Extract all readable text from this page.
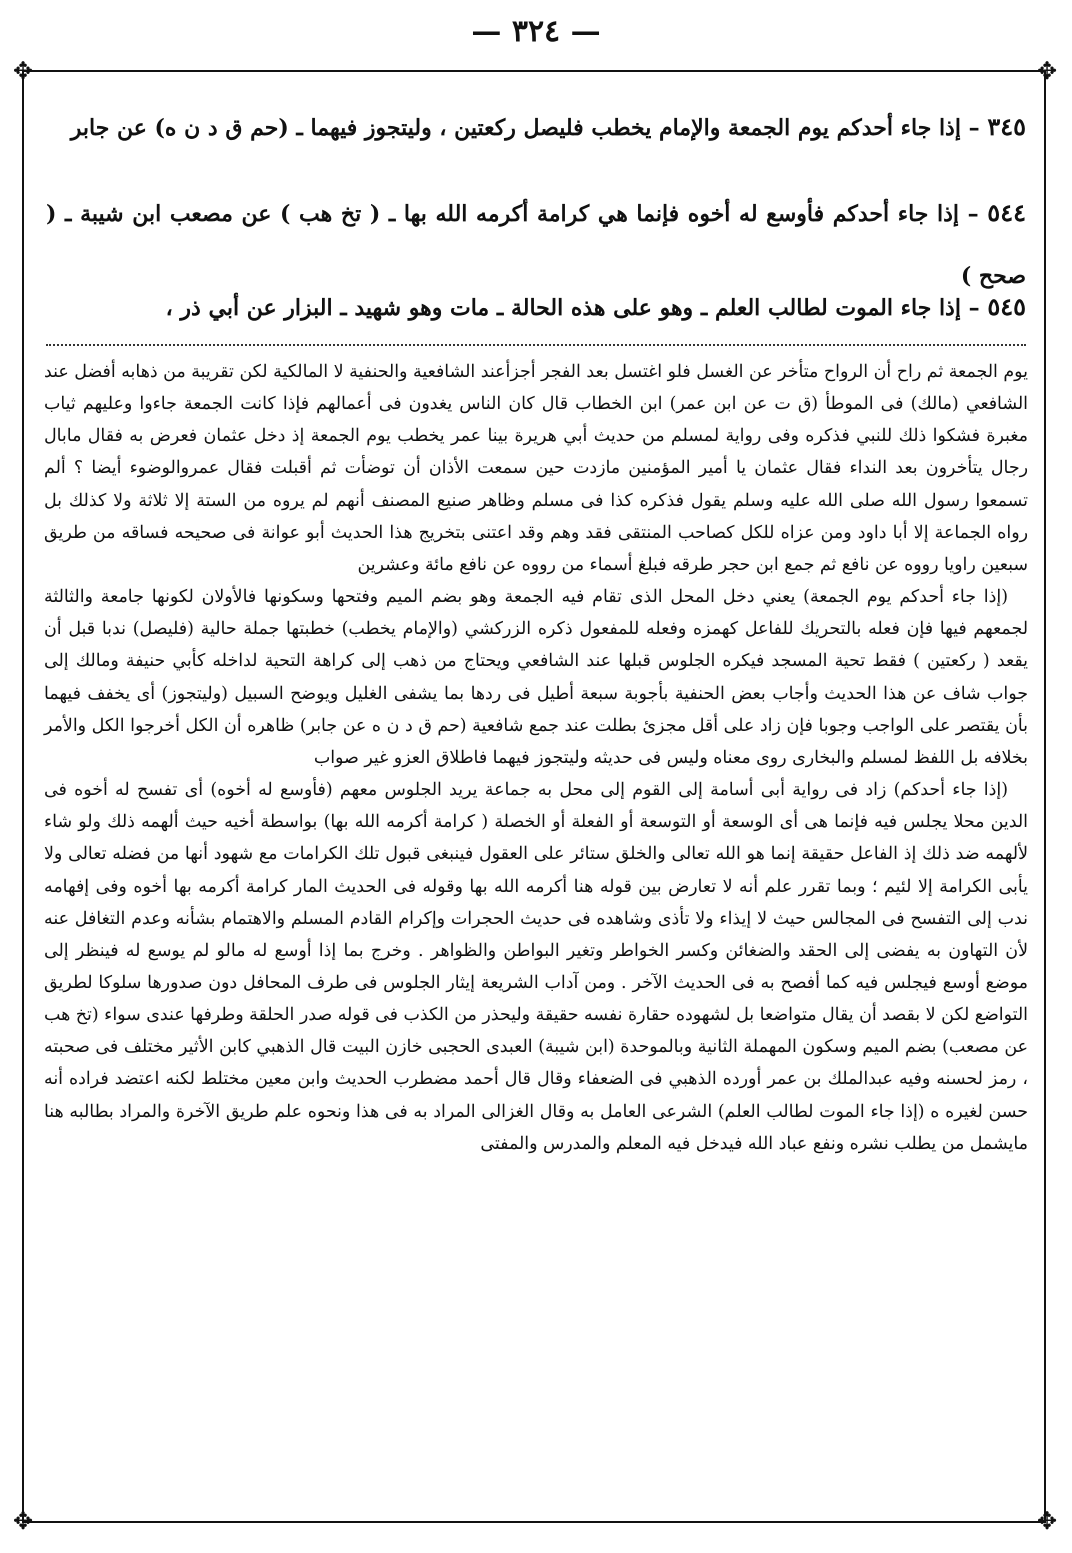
— ٣٢٤ —
✥	✥
✥	✥
٣٤٥ – إذا جاء أحدكم يوم الجمعة والإمام يخطب فليصل ركعتين ، وليتجوز فيهما ـ (حم ق د ن ه) عن جابر
٥٤٤ – إذا جاء أحدكم فأوسع له أخوه فإنما هي كرامة أكرمه الله بها ـ ( تخ هب ) عن مصعب ابن شيبة ـ ( صحح )
٥٤٥ – إذا جاء الموت لطالب العلم ـ وهو على هذه الحالة ـ مات وهو شهيد ـ البزار عن أبي ذر ،

يوم الجمعة ثم راح أن الرواح متأخر عن الغسل فلو اغتسل بعد الفجر أجزأعند الشافعية والحنفية لا المالكية لكن تقريبة من ذهابه أفضل عند الشافعي (مالك) فى الموطأ (ق ت عن ابن عمر) ابن الخطاب قال كان الناس يغدون فى أعمالهم فإذا كانت الجمعة جاءوا وعليهم ثياب مغبرة فشكوا ذلك للنبي فذكره وفى رواية لمسلم من حديث أبي هريرة بينا عمر يخطب يوم الجمعة إذ دخل عثمان فعرض به فقال مابال رجال يتأخرون بعد النداء فقال عثمان يا أمير المؤمنين مازدت حين سمعت الأذان أن توضأت ثم أقبلت فقال عمروالوضوء أيضا ؟ ألم تسمعوا رسول الله صلى الله عليه وسلم يقول فذكره كذا فى مسلم وظاهر صنيع المصنف أنهم لم يروه من الستة إلا ثلاثة ولا كذلك بل رواه الجماعة إلا أبا داود ومن عزاه للكل كصاحب المنتقى فقد وهم وقد اعتنى بتخريج هذا الحديث أبو عوانة فى صحيحه فساقه من طريق سبعين راويا رووه عن نافع ثم جمع ابن حجر طرقه فبلغ أسماء من رووه عن نافع مائة وعشرين

(إذا جاء أحدكم يوم الجمعة) يعني دخل المحل الذى تقام فيه الجمعة وهو بضم الميم وفتحها وسكونها فالأولان لكونها جامعة والثالثة لجمعهم فيها فإن فعله بالتحريك للفاعل كهمزه وفعله للمفعول ذكره الزركشي (والإمام يخطب) خطبتها جملة حالية (فليصل) ندبا قبل أن يقعد ( ركعتين ) فقط تحية المسجد فيكره الجلوس قبلها عند الشافعي ويحتاج من ذهب إلى كراهة التحية لداخله كأبي حنيفة ومالك إلى جواب شاف عن هذا الحديث وأجاب بعض الحنفية بأجوبة سبعة أطيل فى ردها بما يشفى الغليل ويوضح السبيل (وليتجوز) أى يخفف فيهما بأن يقتصر على الواجب وجوبا فإن زاد على أقل مجزئ بطلت عند جمع شافعية (حم ق د ن ه عن جابر) ظاهره أن الكل أخرجوا الكل والأمر بخلافه بل اللفظ لمسلم والبخارى روى معناه وليس فى حديثه وليتجوز فيهما فاطلاق العزو غير صواب

(إذا جاء أحدكم) زاد فى رواية أبى أسامة إلى القوم إلى محل به جماعة يريد الجلوس معهم (فأوسع له أخوه) أى تفسح له أخوه فى الدين محلا يجلس فيه فإنما هى أى الوسعة أو التوسعة أو الفعلة أو الخصلة ( كرامة أكرمه الله بها) بواسطة أخيه حيث ألهمه ذلك ولو شاء لألهمه ضد ذلك إذ الفاعل حقيقة إنما هو الله تعالى والخلق ستائر على العقول فينبغى قبول تلك الكرامات مع شهود أنها من فضله تعالى ولا يأبى الكرامة إلا لئيم ؛ وبما تقرر علم أنه لا تعارض بين قوله هنا أكرمه الله بها وقوله فى الحديث المار كرامة أكرمه بها أخوه وفى إفهامه ندب إلى التفسح فى المجالس حيث لا إيذاء ولا تأذى وشاهده فى حديث الحجرات وإكرام القادم المسلم والاهتمام بشأنه وعدم التغافل عنه لأن التهاون به يفضى إلى الحقد والضغائن وكسر الخواطر وتغير البواطن والظواهر . وخرج بما إذا أوسع له مالو لم يوسع له فينظر إلى موضع أوسع فيجلس فيه كما أفصح به فى الحديث الآخر . ومن آداب الشريعة إيثار الجلوس فى طرف المحافل دون صدورها سلوكا لطريق التواضع لكن لا بقصد أن يقال متواضعا بل لشهوده حقارة نفسه حقيقة وليحذر من الكذب فى قوله صدر الحلقة وطرفها عندى سواء (تخ هب عن مصعب) بضم الميم وسكون المهملة الثانية وبالموحدة (ابن شيبة) العبدى الحجبى خازن البيت قال الذهبي كابن الأثير مختلف فى صحبته ، رمز لحسنه وفيه عبدالملك بن عمر أورده الذهبي فى الضعفاء وقال قال أحمد مضطرب الحديث وابن معين مختلط لكنه اعتضد فراده أنه حسن لغيره ه (إذا جاء الموت لطالب العلم) الشرعى العامل به وقال الغزالى المراد به فى هذا ونحوه علم طريق الآخرة والمراد بطالبه هنا مايشمل من يطلب نشره ونفع عباد الله فيدخل فيه المعلم والمدرس والمفتى
